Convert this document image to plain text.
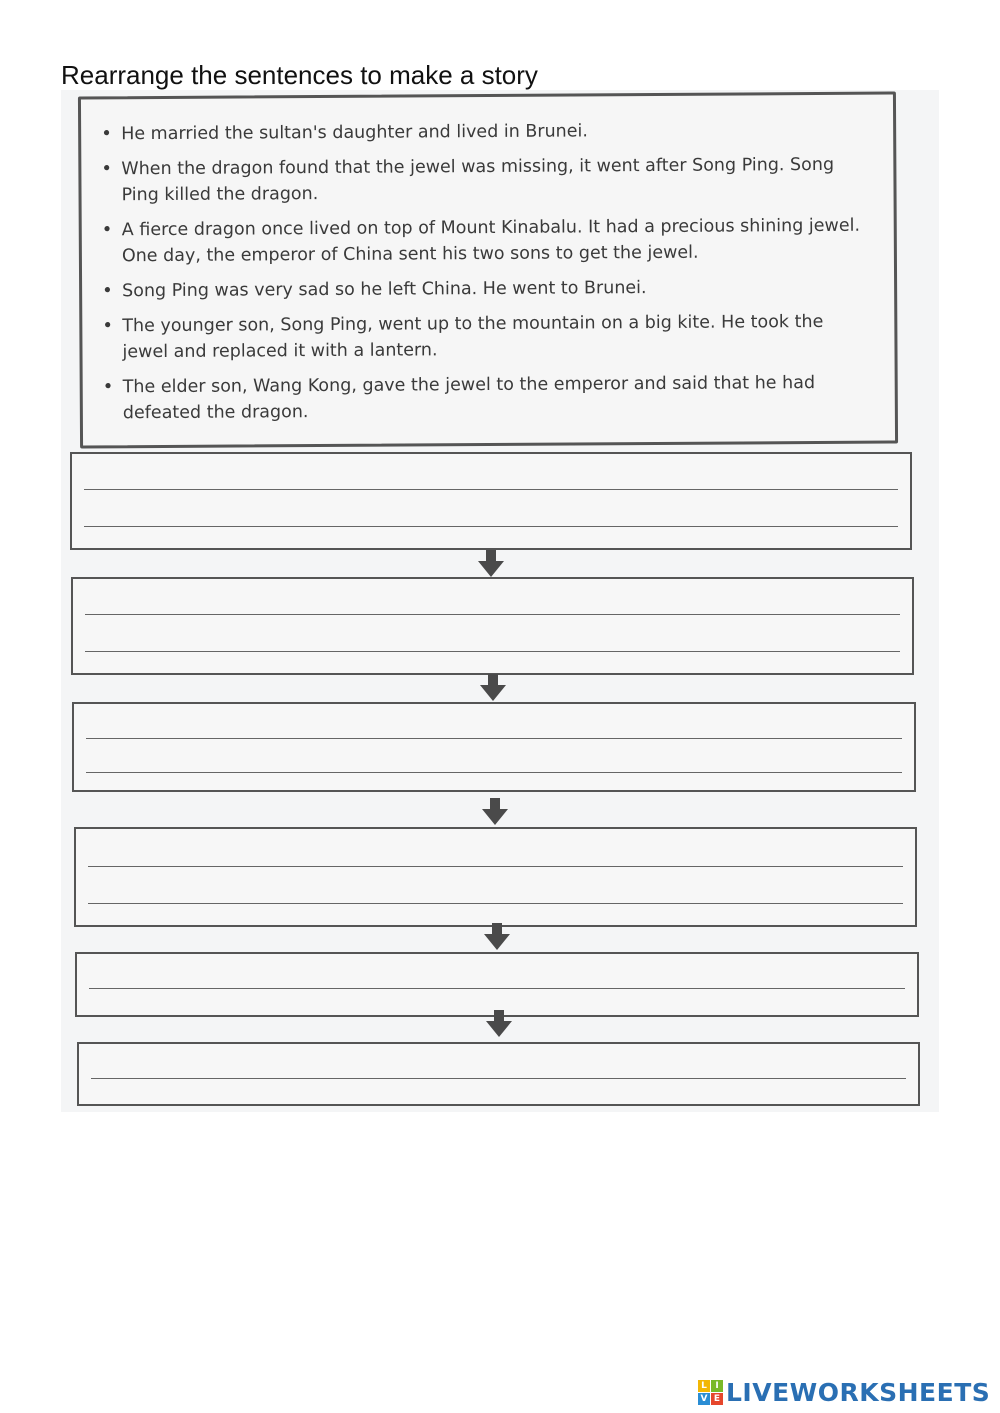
Rearrange the sentences to make a story
• He married the sultan's daughter and lived in Brunei.
• When the dragon found that the jewel was missing, it went after Song Ping. Song Ping killed the dragon.
• A fierce dragon once lived on top of Mount Kinabalu. It had a precious shining jewel. One day, the emperor of China sent his two sons to get the jewel.
• Song Ping was very sad so he left China. He went to Brunei.
• The younger son, Song Ping, went up to the mountain on a big kite. He took the jewel and replaced it with a lantern.
• The elder son, Wang Kong, gave the jewel to the emperor and said that he had defeated the dragon.
L I
V E LIVEWORKSHEETS
